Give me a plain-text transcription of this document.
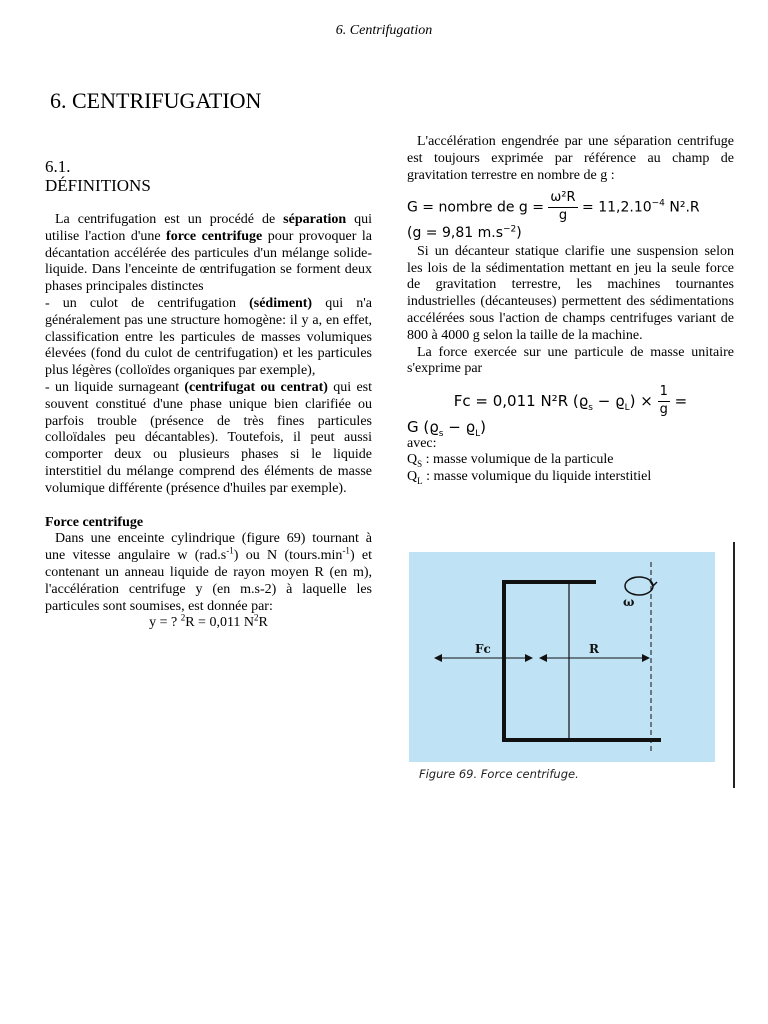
6. Centrifugation
6. CENTRIFUGATION
6.1.
DÉFINITIONS

La centrifugation est un procédé de séparation qui utilise l'action d'une force centrifuge pour provoquer la décantation accélérée des particules d'un mélange solide-liquide. Dans l'enceinte de œntrifugation se forment deux phases principales distinctes

- un culot de centrifugation (sédiment) qui n'a généralement pas une structure homogène: il y a, en effet, classification entre les particules de masses volumiques élevées (fond du culot de centrifugation) et les particules plus légères (colloïdes organiques par exemple),

- un liquide surnageant (centrifugat ou centrat) qui est souvent constitué d'une phase unique bien clarifiée ou parfois trouble (présence de très fines particules colloïdales peu décantables). Toutefois, il peut aussi comporter deux ou plusieurs phases si le liquide interstitiel du mélange comprend des éléments de masse volumique différente (présence d'huiles par exemple).

Force centrifuge

Dans une enceinte cylindrique (figure 69) tournant à une vitesse angulaire w $(rad.s^{-1})$ ou N $(tours.\min^{-1})$ et contenant un anneau liquide de rayon moyen R (en m), l'accélération centrifuge y (en m.s-2) à laquelle les particules sont soumises, est donnée par:

y = ? $^2$R = 0,011 $N^2R$

L'accélération engendrée par une séparation centrifuge est toujours exprimée par référence au champ de gravitation terrestre en nombre de g :

G = nombre de $g = \frac{\text{ω²R}}{g} = 11,2.10^{-4}$ N².R
(g = 9,81 $m.s^{-2}$)

Si un décanteur statique clarifie une suspension selon les lois de la sédimentation mettant en jeu la seule force de gravitation terrestre, les machines tournantes industrielles (décanteuses) permettent des sédimentations accélérées sous l'action de champs centrifuges variant de 800 à 4000 g selon la taille de la machine.

La force exercée sur une particule de masse unitaire s'exprime par

Fc = 0,011 N²R $(ϱ_s - ϱ_L) \times \frac{1}{g}$ =
G $(ϱ_s - ϱ_L)$

avec:

$Q_S$ : masse volumique de la particule

$Q_L$ : masse volumique du liquide interstitiel

ω
Fc	R
Figure 69. Force centrifuge.
